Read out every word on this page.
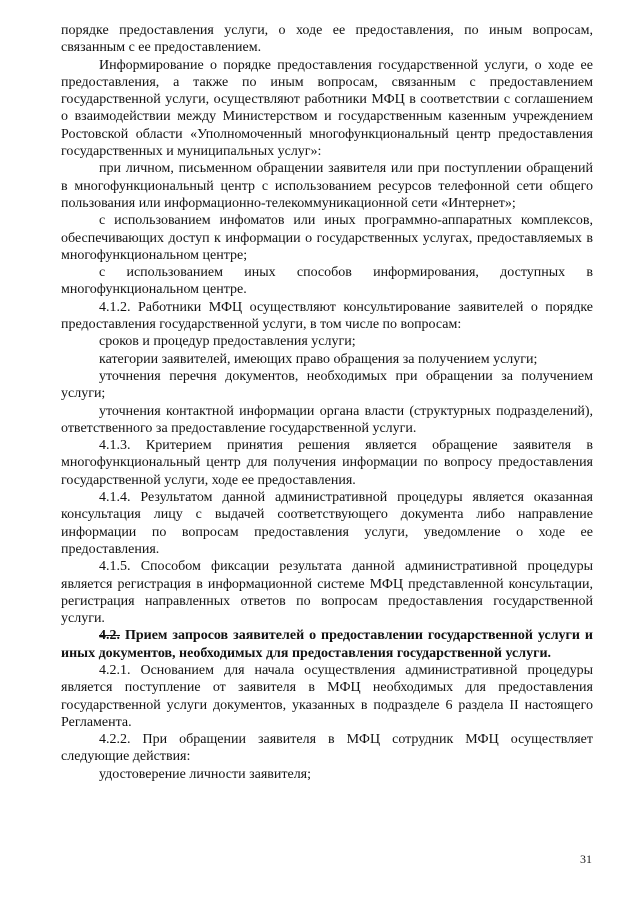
порядке предоставления услуги, о ходе ее предоставления, по иным вопросам, связанным с ее предоставлением.

Информирование о порядке предоставления государственной услуги, о ходе ее предоставления, а также по иным вопросам, связанным с предоставлением государственной услуги, осуществляют работники МФЦ в соответствии с соглашением о взаимодействии между Министерством и государственным казенным учреждением Ростовской области «Уполномоченный многофункциональный центр предоставления государственных и муниципальных услуг»:

при личном, письменном обращении заявителя или при поступлении обращений в многофункциональный центр с использованием ресурсов телефонной сети общего пользования или информационно-телекоммуникационной сети «Интернет»;

с использованием инфоматов или иных программно-аппаратных комплексов, обеспечивающих доступ к информации о государственных услугах, предоставляемых в многофункциональном центре;

с использованием иных способов информирования, доступных в многофункциональном центре.

4.1.2. Работники МФЦ осуществляют консультирование заявителей о порядке предоставления государственной услуги, в том числе по вопросам:

сроков и процедур предоставления услуги;

категории заявителей, имеющих право обращения за получением услуги;

уточнения перечня документов, необходимых при обращении за получением услуги;

уточнения контактной информации органа власти (структурных подразделений), ответственного за предоставление государственной услуги.

4.1.3. Критерием принятия решения является обращение заявителя в многофункциональный центр для получения информации по вопросу предоставления государственной услуги, ходе ее предоставления.

4.1.4. Результатом данной административной процедуры является оказанная консультация лицу с выдачей соответствующего документа либо направление информации по вопросам предоставления услуги, уведомление о ходе ее предоставления.

4.1.5. Способом фиксации результата данной административной процедуры является регистрация в информационной системе МФЦ представленной консультации, регистрация направленных ответов по вопросам предоставления государственной услуги.

4.2. Прием запросов заявителей о предоставлении государственной услуги и иных документов, необходимых для предоставления государственной услуги.

4.2.1. Основанием для начала осуществления административной процедуры является поступление от заявителя в МФЦ необходимых для предоставления государственной услуги документов, указанных в подразделе 6 раздела II настоящего Регламента.

4.2.2. При обращении заявителя в МФЦ сотрудник МФЦ осуществляет следующие действия:

удостоверение личности заявителя;

31
